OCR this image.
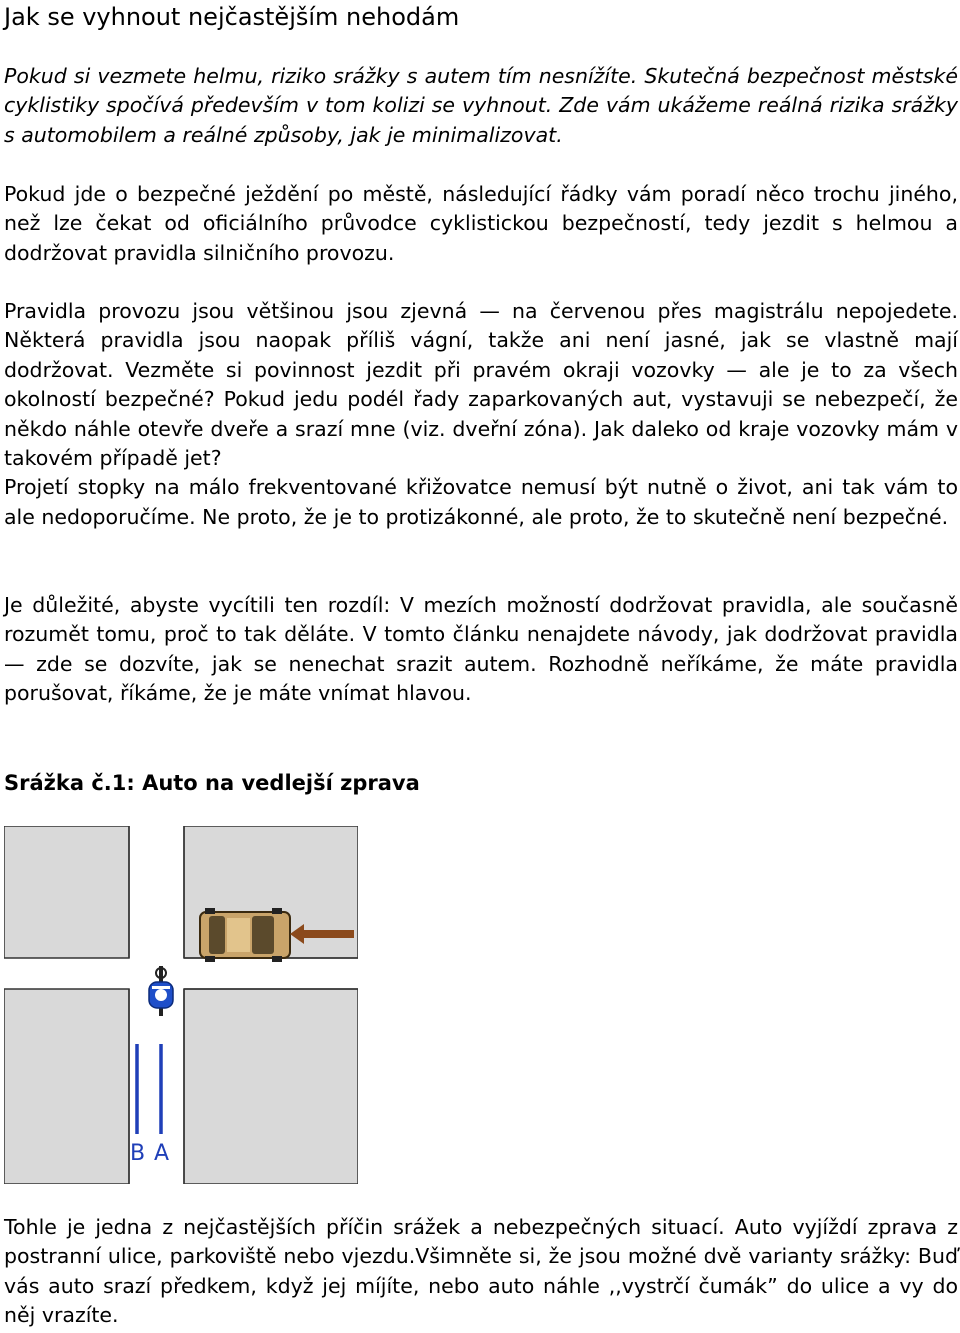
Jak se vyhnout nejčastějším nehodám

Pokud si vezmete helmu, riziko srážky s autem tím nesnížíte. Skutečná bezpečnost městské cyklistiky spočívá především v tom kolizi se vyhnout. Zde vám ukážeme reálná rizika srážky s automobilem a reálné způsoby, jak je minimalizovat.

Pokud jde o bezpečné ježdění po městě, následující řádky vám poradí něco trochu jiného, než lze čekat od oficiálního průvodce cyklistickou bezpečností, tedy jezdit s helmou a dodržovat pravidla silničního provozu.

Pravidla provozu jsou většinou jsou zjevná — na červenou přes magistrálu nepojedete. Některá pravidla jsou naopak příliš vágní, takže ani není jasné, jak se vlastně mají dodržovat. Vezměte si povinnost jezdit při pravém okraji vozovky — ale je to za všech okolností bezpečné? Pokud jedu podél řady zaparkovaných aut, vystavuji se nebezpečí, že někdo náhle otevře dveře a srazí mne (viz. dveřní zóna). Jak daleko od kraje vozovky mám v takovém případě jet?
Projetí stopky na málo frekventované křižovatce nemusí být nutně o život, ani tak vám to ale nedoporučíme. Ne proto, že je to protizákonné, ale proto, že to skutečně není bezpečné.

Je důležité, abyste vycítili ten rozdíl: V mezích možností dodržovat pravidla, ale současně rozumět tomu, proč to tak děláte. V tomto článku nenajdete návody, jak dodržovat pravidla — zde se dozvíte, jak se nenechat srazit autem. Rozhodně neříkáme, že máte pravidla porušovat, říkáme, že je máte vnímat hlavou.

Srážka č.1: Auto na vedlejší zprava
B A

Tohle je jedna z nejčastějších příčin srážek a nebezpečných situací. Auto vyjíždí zprava z postranní ulice, parkoviště nebo vjezdu.Všimněte si, že jsou možné dvě varianty srážky: Buď vás auto srazí předkem, když jej míjíte, nebo auto náhle ,,vystrčí čumák” do ulice a vy do něj vrazíte.
